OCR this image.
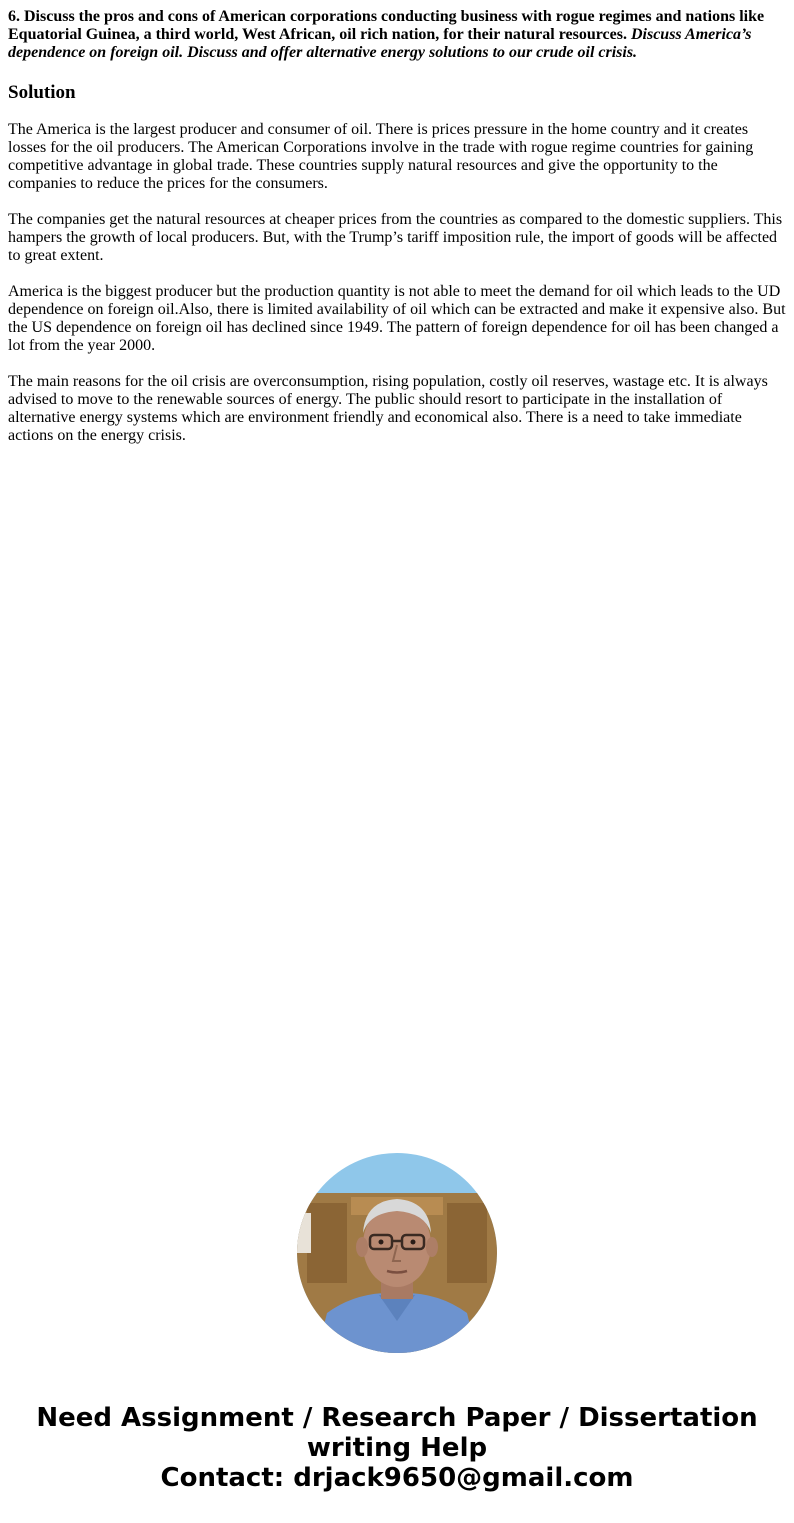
6. Discuss the pros and cons of American corporations conducting business with rogue regimes and nations like Equatorial Guinea, a third world, West African, oil rich nation, for their natural resources. Discuss America’s dependence on foreign oil. Discuss and offer alternative energy solutions to our crude oil crisis.

Solution

The America is the largest producer and consumer of oil. There is prices pressure in the home country and it creates losses for the oil producers. The American Corporations involve in the trade with rogue regime countries for gaining competitive advantage in global trade. These countries supply natural resources and give the opportunity to the companies to reduce the prices for the consumers.

The companies get the natural resources at cheaper prices from the countries as compared to the domestic suppliers. This hampers the growth of local producers. But, with the Trump’s tariff imposition rule, the import of goods will be affected to great extent.

America is the biggest producer but the production quantity is not able to meet the demand for oil which leads to the UD dependence on foreign oil.Also, there is limited availability of oil which can be extracted and make it expensive also. But the US dependence on foreign oil has declined since 1949. The pattern of foreign dependence for oil has been changed a lot from the year 2000.

The main reasons for the oil crisis are overconsumption, rising population, costly oil reserves, wastage etc. It is always advised to move to the renewable sources of energy. The public should resort to participate in the installation of alternative energy systems which are environment friendly and economical also. There is a need to take immediate actions on the energy crisis.

Need Assignment / Research Paper / Dissertation
writing Help
Contact: drjack9650@gmail.com
